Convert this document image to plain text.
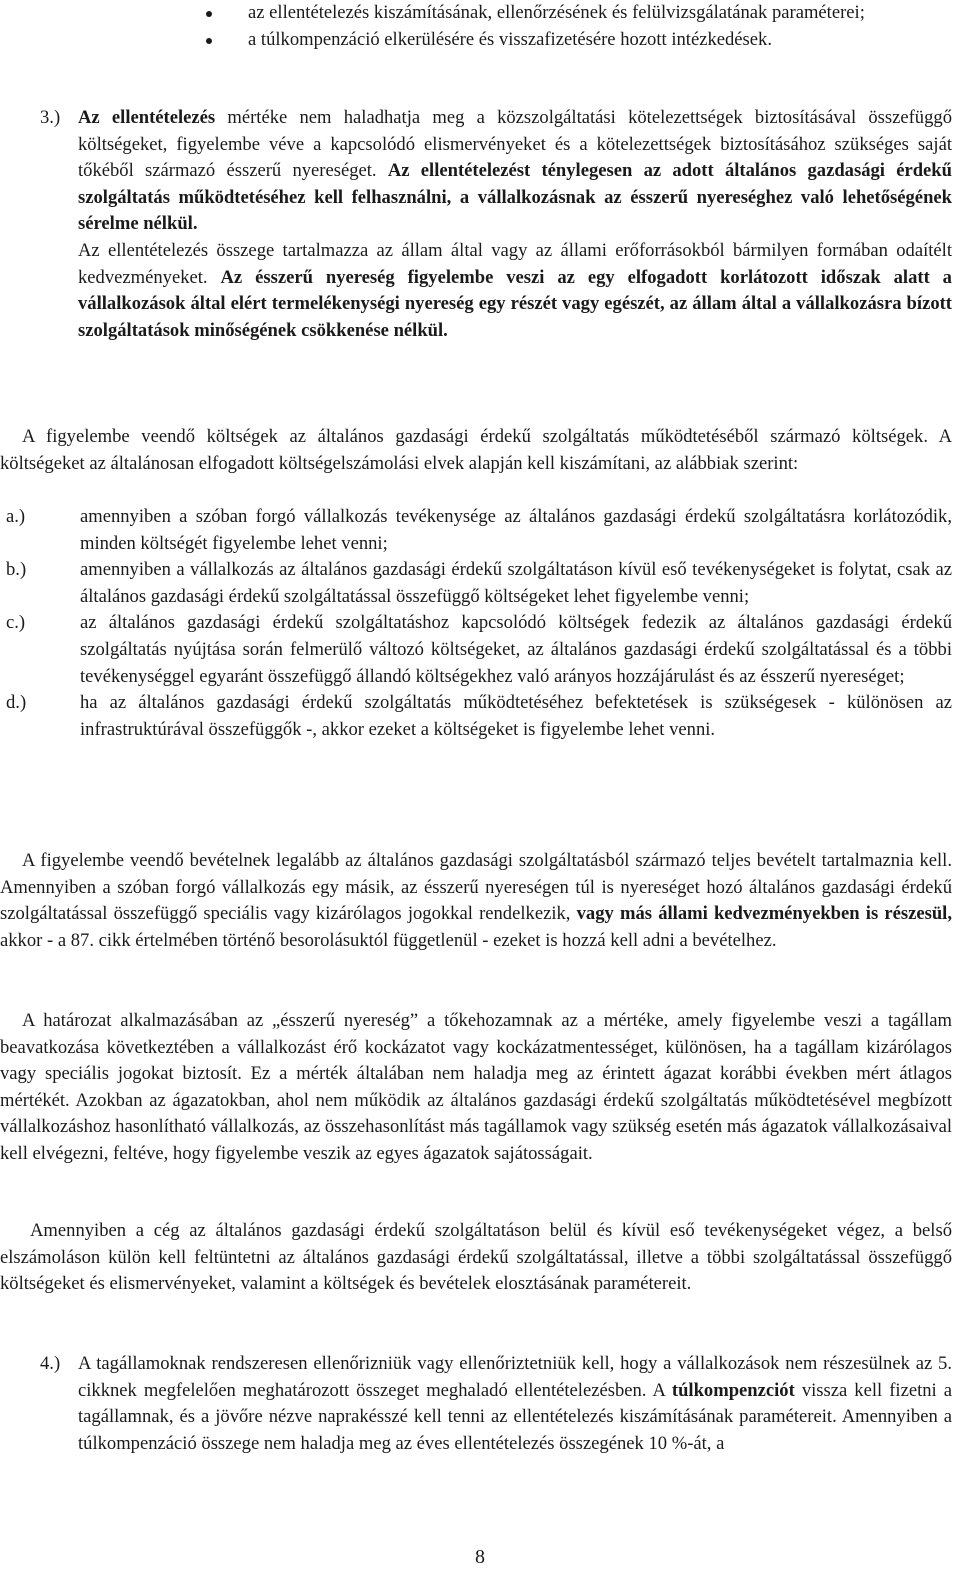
az ellentételezés kiszámításának, ellenőrzésének és felülvizsgálatának paraméterei;
a túlkompenzáció elkerülésére és visszafizetésére hozott intézkedések.
3.) Az ellentételezés mértéke nem haladhatja meg a közszolgáltatási kötelezettségek biztosításával összefüggő költségeket, figyelembe véve a kapcsolódó elismervényeket és a kötelezettségek biztosításához szükséges saját tőkéből származó ésszerű nyereséget. Az ellentételezést ténylegesen az adott általános gazdasági érdekű szolgáltatás működtetéséhez kell felhasználni, a vállalkozásnak az ésszerű nyereséghez való lehetőségének sérelme nélkül.
Az ellentételezés összege tartalmazza az állam által vagy az állami erőforrásokból bármilyen formában odaítélt kedvezményeket. Az ésszerű nyereség figyelembe veszi az egy elfogadott korlátozott időszak alatt a vállalkozások által elért termelékenységi nyereség egy részét vagy egészét, az állam által a vállalkozásra bízott szolgáltatások minőségének csökkenése nélkül.

A figyelembe veendő költségek az általános gazdasági érdekű szolgáltatás működtetéséből származó költségek. A költségeket az általánosan elfogadott költségelszámolási elvek alapján kell kiszámítani, az alábbiak szerint:

a.)	amennyiben a szóban forgó vállalkozás tevékenysége az általános gazdasági érdekű szolgáltatásra korlátozódik, minden költségét figyelembe lehet venni;
b.)	amennyiben a vállalkozás az általános gazdasági érdekű szolgáltatáson kívül eső tevékenységeket is folytat, csak az általános gazdasági érdekű szolgáltatással összefüggő költségeket lehet figyelembe venni;
c.)	az általános gazdasági érdekű szolgáltatáshoz kapcsolódó költségek fedezik az általános gazdasági érdekű szolgáltatás nyújtása során felmerülő változó költségeket, az általános gazdasági érdekű szolgáltatással és a többi tevékenységgel egyaránt összefüggő állandó költségekhez való arányos hozzájárulást és az ésszerű nyereséget;
d.)	ha az általános gazdasági érdekű szolgáltatás működtetéséhez befektetések is szükségesek - különösen az infrastruktúrával összefüggők -, akkor ezeket a költségeket is figyelembe lehet venni.

A figyelembe veendő bevételnek legalább az általános gazdasági szolgáltatásból származó teljes bevételt tartalmaznia kell. Amennyiben a szóban forgó vállalkozás egy másik, az ésszerű nyereségen túl is nyereséget hozó általános gazdasági érdekű szolgáltatással összefüggő speciális vagy kizárólagos jogokkal rendelkezik, vagy más állami kedvezményekben is részesül, akkor - a 87. cikk értelmében történő besorolásuktól függetlenül - ezeket is hozzá kell adni a bevételhez.

A határozat alkalmazásában az „ésszerű nyereség” a tőkehozamnak az a mértéke, amely figyelembe veszi a tagállam beavatkozása következtében a vállalkozást érő kockázatot vagy kockázatmentességet, különösen, ha a tagállam kizárólagos vagy speciális jogokat biztosít. Ez a mérték általában nem haladja meg az érintett ágazat korábbi években mért átlagos mértékét. Azokban az ágazatokban, ahol nem működik az általános gazdasági érdekű szolgáltatás működtetésével megbízott vállalkozáshoz hasonlítható vállalkozás, az összehasonlítást más tagállamok vagy szükség esetén más ágazatok vállalkozásaival kell elvégezni, feltéve, hogy figyelembe veszik az egyes ágazatok sajátosságait.

Amennyiben a cég az általános gazdasági érdekű szolgáltatáson belül és kívül eső tevékenységeket végez, a belső elszámoláson külön kell feltüntetni az általános gazdasági érdekű szolgáltatással, illetve a többi szolgáltatással összefüggő költségeket és elismervényeket, valamint a költségek és bevételek elosztásának paramétereit.

4.) A tagállamoknak rendszeresen ellenőrizniük vagy ellenőriztetniük kell, hogy a vállalkozások nem részesülnek az 5. cikknek megfelelően meghatározott összeget meghaladó ellentételezésben. A túlkompenzciót vissza kell fizetni a tagállamnak, és a jövőre nézve naprakésszé kell tenni az ellentételezés kiszámításának paramétereit. Amennyiben a túlkompenzáció összege nem haladja meg az éves ellentételezés összegének 10 %-át, a
8
